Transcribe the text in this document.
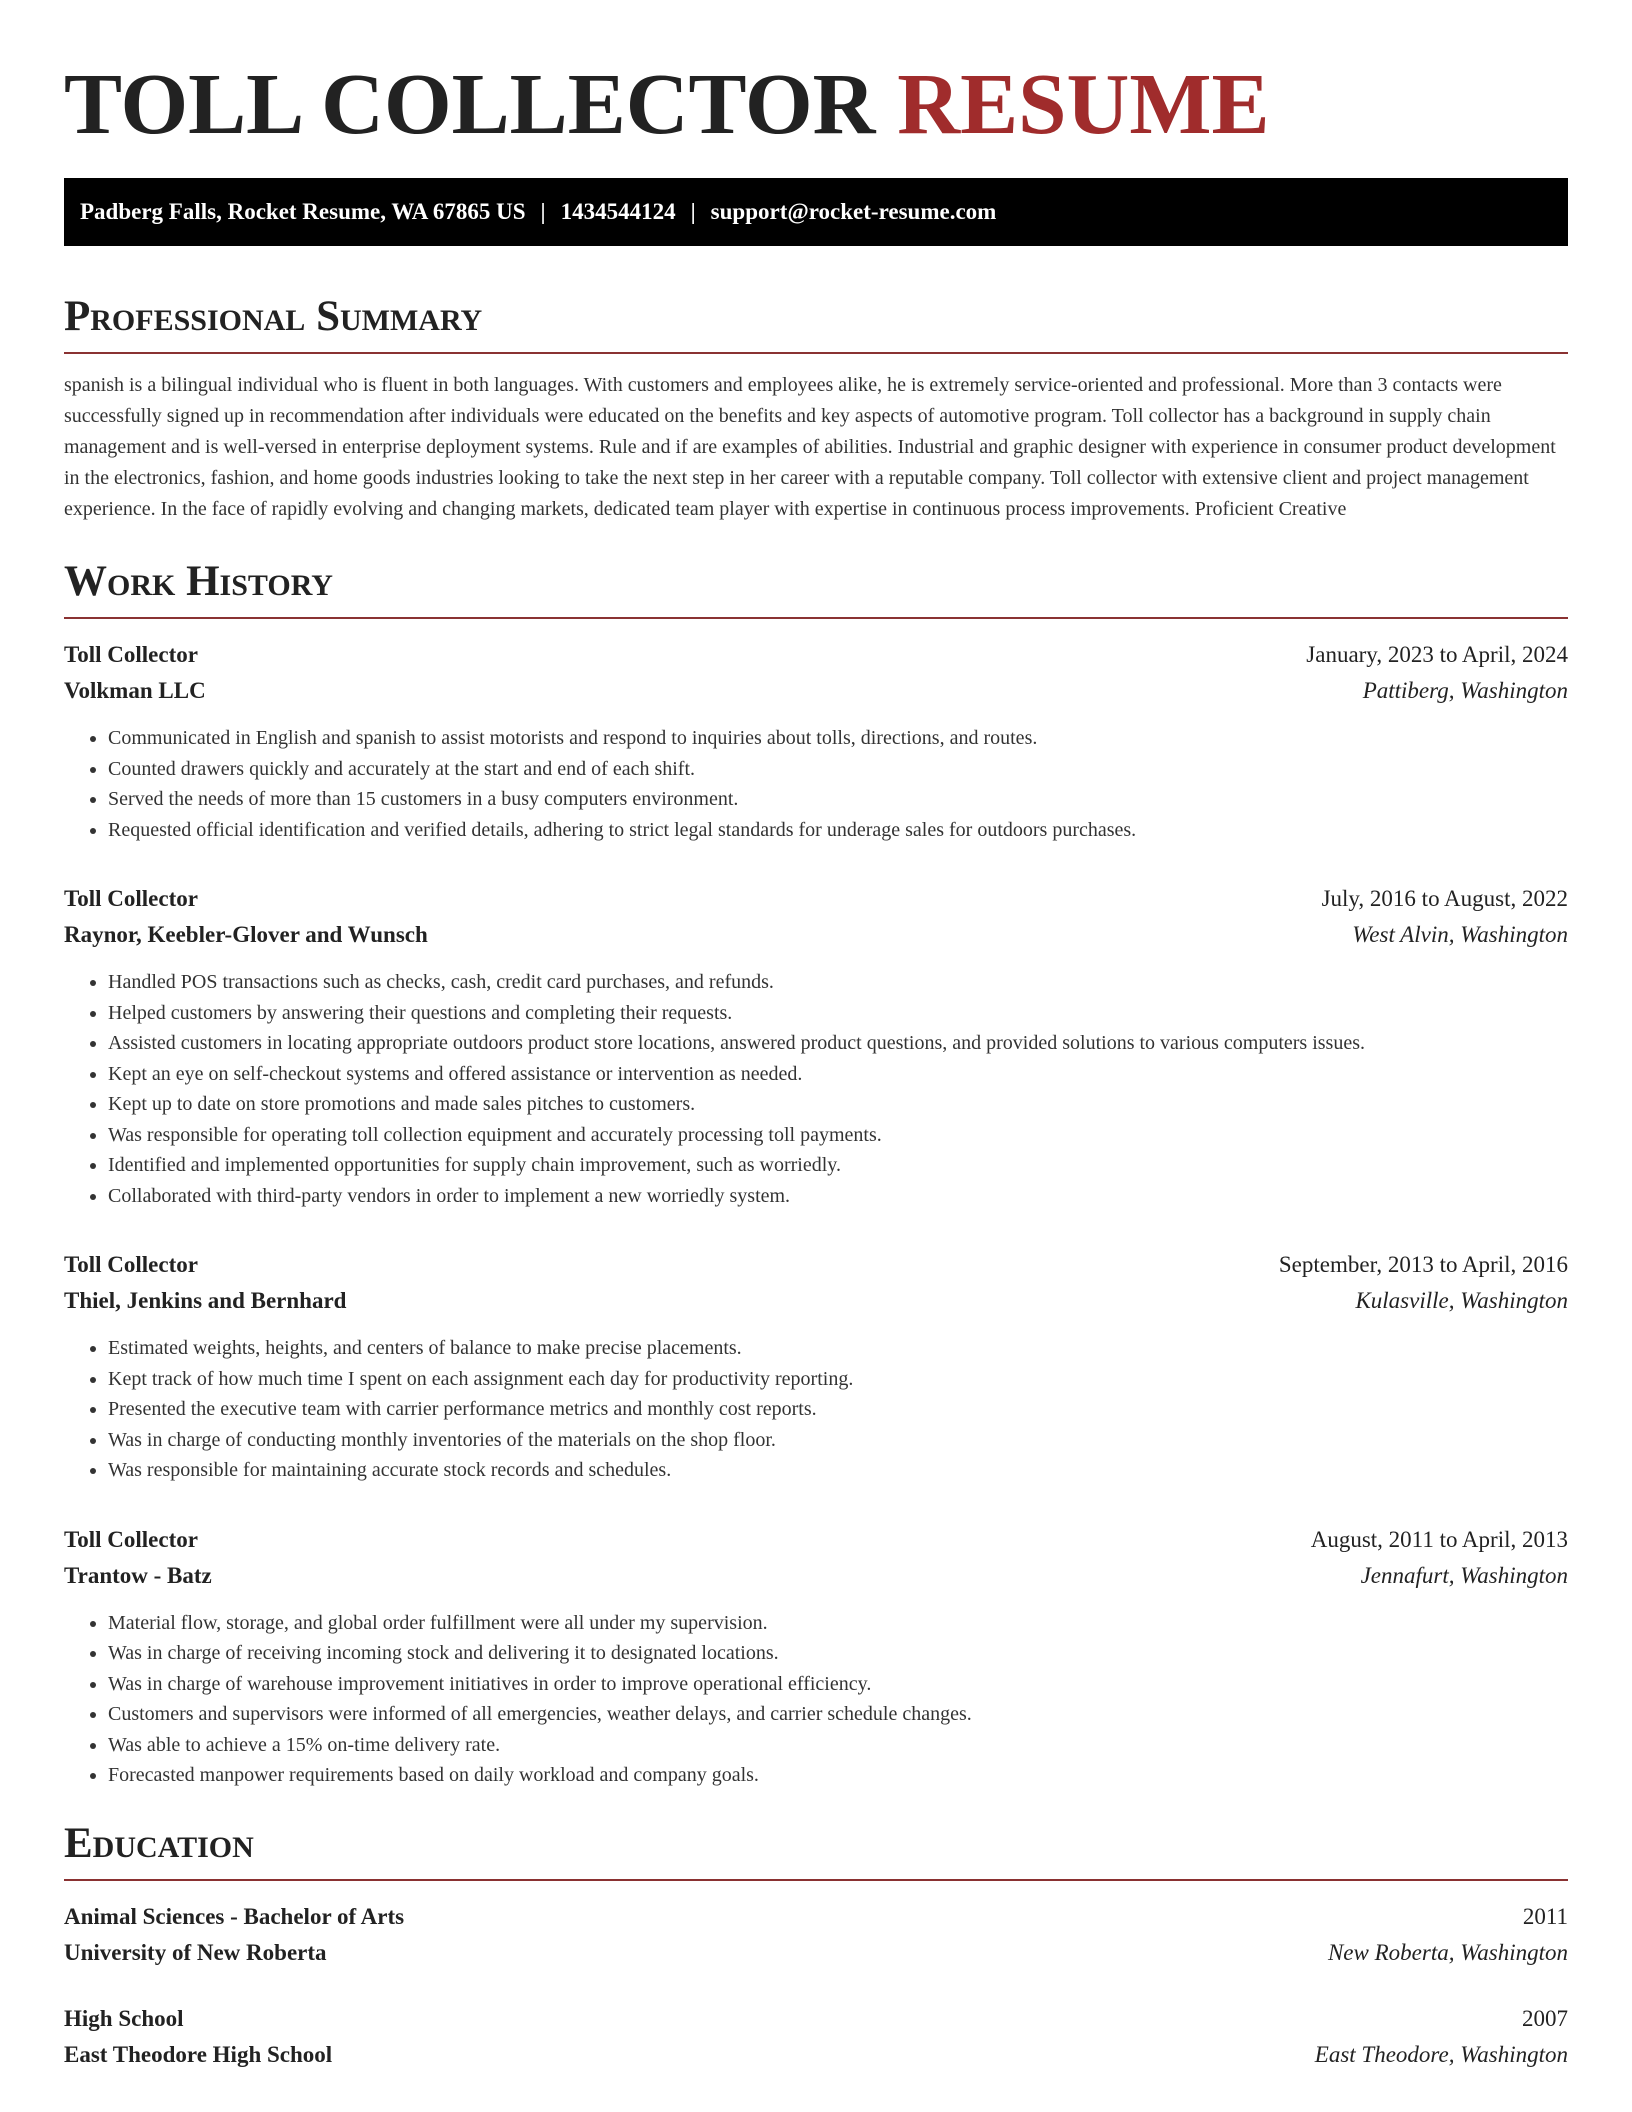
TOLL COLLECTOR RESUME
Padberg Falls, Rocket Resume, WA 67865 US | 1434544124 | support@rocket-resume.com
Professional Summary

spanish is a bilingual individual who is fluent in both languages. With customers and employees alike, he is extremely service-oriented and professional. More than 3 contacts were successfully signed up in recommendation after individuals were educated on the benefits and key aspects of automotive program. Toll collector has a background in supply chain management and is well-versed in enterprise deployment systems. Rule and if are examples of abilities. Industrial and graphic designer with experience in consumer product development in the electronics, fashion, and home goods industries looking to take the next step in her career with a reputable company. Toll collector with extensive client and project management experience. In the face of rapidly evolving and changing markets, dedicated team player with expertise in continuous process improvements. Proficient Creative

Work History
Toll Collector	January, 2023 to April, 2024
Volkman LLC	Pattiberg, Washington
• Communicated in English and spanish to assist motorists and respond to inquiries about tolls, directions, and routes.
• Counted drawers quickly and accurately at the start and end of each shift.
• Served the needs of more than 15 customers in a busy computers environment.
• Requested official identification and verified details, adhering to strict legal standards for underage sales for outdoors purchases.
Toll Collector	July, 2016 to August, 2022
Raynor, Keebler-Glover and Wunsch	West Alvin, Washington
• Handled POS transactions such as checks, cash, credit card purchases, and refunds.
• Helped customers by answering their questions and completing their requests.
• Assisted customers in locating appropriate outdoors product store locations, answered product questions, and provided solutions to various computers issues.
• Kept an eye on self-checkout systems and offered assistance or intervention as needed.
• Kept up to date on store promotions and made sales pitches to customers.
• Was responsible for operating toll collection equipment and accurately processing toll payments.
• Identified and implemented opportunities for supply chain improvement, such as worriedly.
• Collaborated with third-party vendors in order to implement a new worriedly system.
Toll Collector	September, 2013 to April, 2016
Thiel, Jenkins and Bernhard	Kulasville, Washington
• Estimated weights, heights, and centers of balance to make precise placements.
• Kept track of how much time I spent on each assignment each day for productivity reporting.
• Presented the executive team with carrier performance metrics and monthly cost reports.
• Was in charge of conducting monthly inventories of the materials on the shop floor.
• Was responsible for maintaining accurate stock records and schedules.
Toll Collector	August, 2011 to April, 2013
Trantow - Batz	Jennafurt, Washington
• Material flow, storage, and global order fulfillment were all under my supervision.
• Was in charge of receiving incoming stock and delivering it to designated locations.
• Was in charge of warehouse improvement initiatives in order to improve operational efficiency.
• Customers and supervisors were informed of all emergencies, weather delays, and carrier schedule changes.
• Was able to achieve a 15% on-time delivery rate.
• Forecasted manpower requirements based on daily workload and company goals.
Education
Animal Sciences - Bachelor of Arts	2011
University of New Roberta	New Roberta, Washington
High School	2007
East Theodore High School	East Theodore, Washington
